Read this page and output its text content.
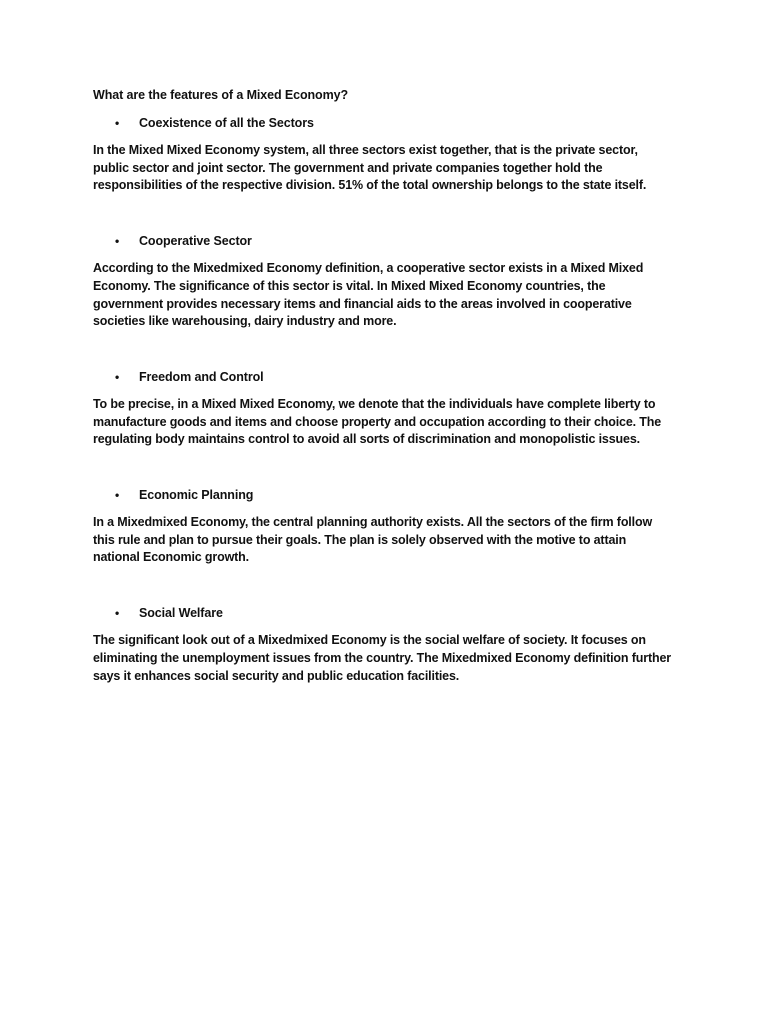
What are the features of a Mixed Economy?

• Coexistence of all the Sectors

In the Mixed Mixed Economy system, all three sectors exist together, that is the private sector, public sector and joint sector. The government and private companies together hold the responsibilities of the respective division. 51% of the total ownership belongs to the state itself.

• Cooperative Sector

According to the Mixedmixed Economy definition, a cooperative sector exists in a Mixed Mixed Economy. The significance of this sector is vital. In Mixed Mixed Economy countries, the government provides necessary items and financial aids to the areas involved in cooperative societies like warehousing, dairy industry and more.

• Freedom and Control

To be precise, in a Mixed Mixed Economy, we denote that the individuals have complete liberty to manufacture goods and items and choose property and occupation according to their choice. The regulating body maintains control to avoid all sorts of discrimination and monopolistic issues.

• Economic Planning

In a Mixedmixed Economy, the central planning authority exists. All the sectors of the firm follow this rule and plan to pursue their goals. The plan is solely observed with the motive to attain national Economic growth.

• Social Welfare

The significant look out of a Mixedmixed Economy is the social welfare of society. It focuses on eliminating the unemployment issues from the country. The Mixedmixed Economy definition further says it enhances social security and public education facilities.
